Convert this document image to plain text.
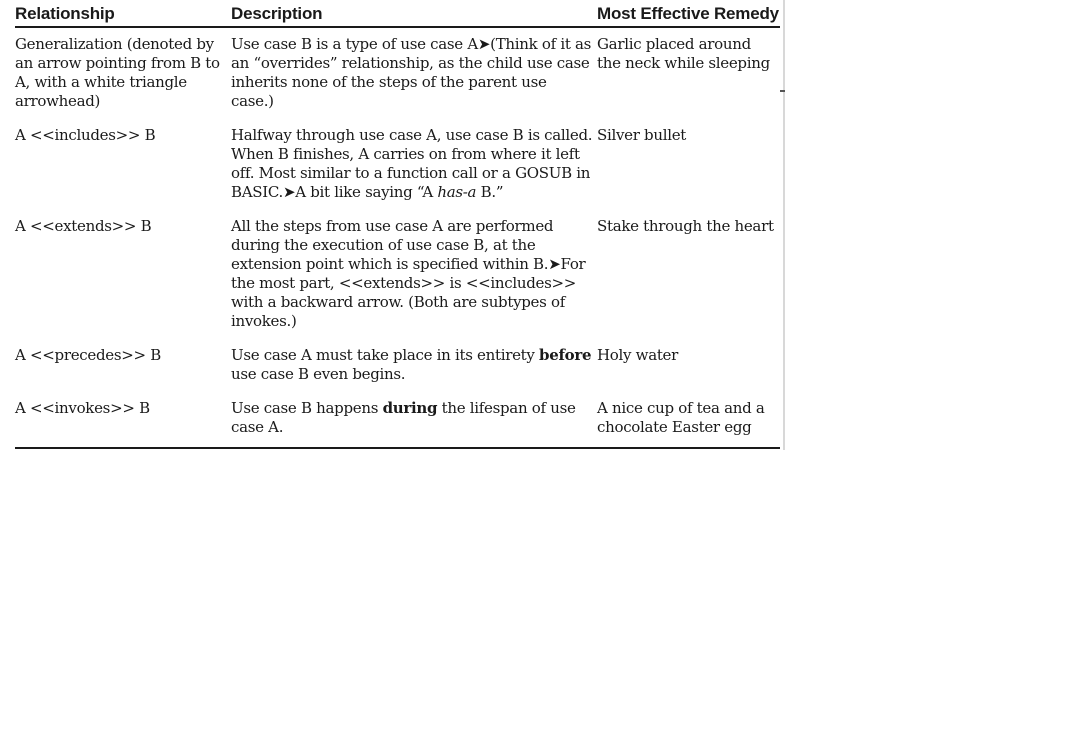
Relationship	Description	Most Effective Remedy
Generalization (denoted by an arrow pointing from B to A, with a white triangle arrowhead)	Use case B is a type of use case A➤(Think of it as an “overrides” relationship, as the child use case inherits none of the steps of the parent use case.)	Garlic placed around the neck while sleeping
A <<includes>> B	Halfway through use case A, use case B is called. When B finishes, A carries on from where it left off. Most similar to a function call or a GOSUB in BASIC.➤A bit like saying “A has-a B.”	Silver bullet
A <<extends>> B	All the steps from use case A are performed during the execution of use case B, at the extension point which is specified within B.➤For the most part, <<extends>> is <<includes>> with a backward arrow. (Both are subtypes of invokes.)	Stake through the heart
A <<precedes>> B	Use case A must take place in its entirety before use case B even begins.	Holy water
A <<invokes>> B	Use case B happens during the lifespan of use case A.	A nice cup of tea and a chocolate Easter egg
